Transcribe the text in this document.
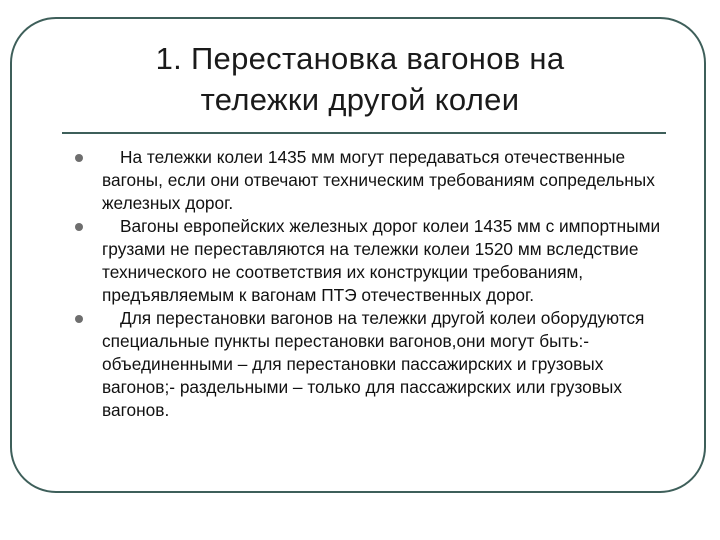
1. Перестановка вагонов на
тележки другой колеи
На тележки колеи 1435 мм могут передаваться отечественные вагоны, если они отвечают техническим требованиям сопредельных железных дорог.
Вагоны европейских железных дорог колеи 1435 мм с импортными грузами не переставляются на тележки колеи 1520 мм вследствие технического не соответствия их конструкции требованиям, предъявляемым к вагонам ПТЭ отечественных дорог.
Для перестановки вагонов на тележки другой колеи оборудуются специальные пункты перестановки вагонов,они могут быть:- объединенными – для перестановки пассажирских и грузовых вагонов;- раздельными – только для пассажирских или грузовых вагонов.
